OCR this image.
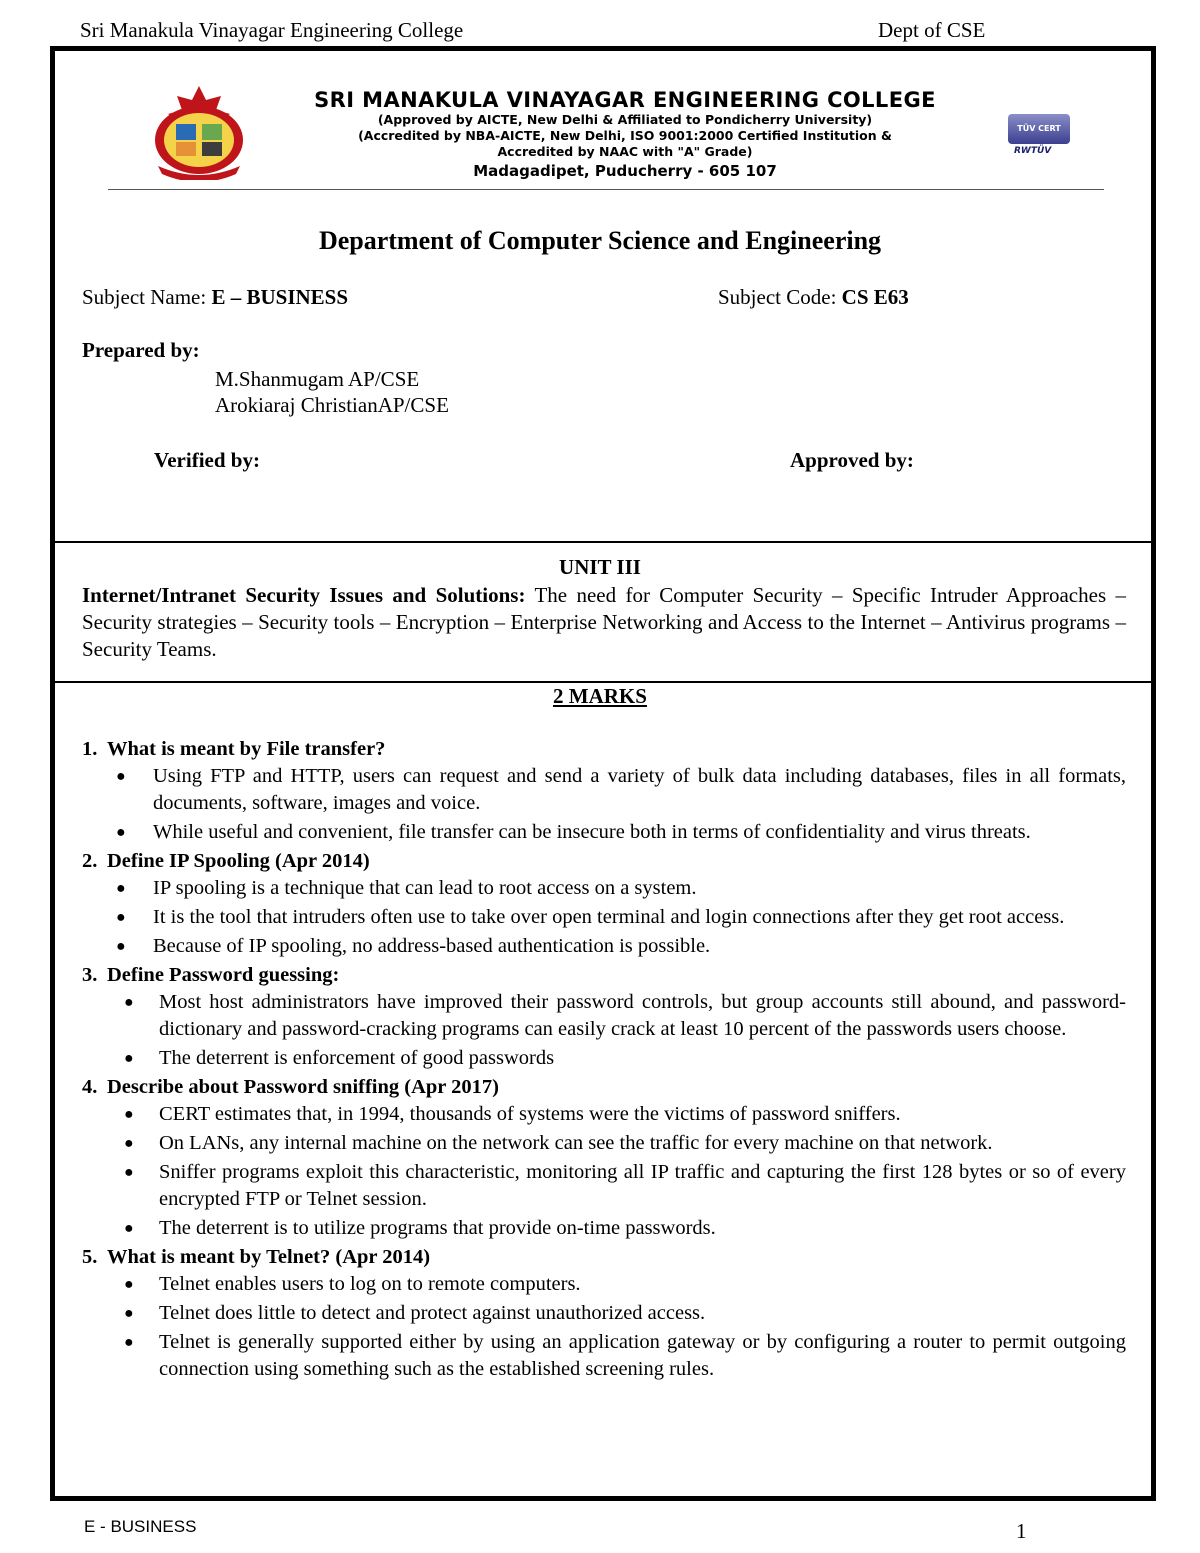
Sri Manakula Vinayagar Engineering College	Dept of CSE
SRI MANAKULA VINAYAGAR ENGINEERING COLLEGE
(Approved by AICTE, New Delhi & Affiliated to Pondicherry University)
(Accredited by NBA-AICTE, New Delhi, ISO 9001:2000 Certified Institution &
Accredited by NAAC with "A" Grade)
Madagadipet, Puducherry - 605 107
TÜV CERT
RWTÜV
Department of Computer Science and Engineering
Subject Name: E – BUSINESS	Subject Code: CS E63
Prepared by:
M.Shanmugam AP/CSE
Arokiaraj ChristianAP/CSE
Verified by:	Approved by:
UNIT III
Internet/Intranet Security Issues and Solutions: The need for Computer Security – Specific Intruder Approaches – Security strategies – Security tools – Encryption – Enterprise Networking and Access to the Internet – Antivirus programs – Security Teams.
2 MARKS
1. What is meant by File transfer?
● Using FTP and HTTP, users can request and send a variety of bulk data including databases, files in all formats, documents, software, images and voice.
● While useful and convenient, file transfer can be insecure both in terms of confidentiality and virus threats.
2. Define IP Spooling (Apr 2014)
● IP spooling is a technique that can lead to root access on a system.
● It is the tool that intruders often use to take over open terminal and login connections after they get root access.
● Because of IP spooling, no address-based authentication is possible.
3. Define Password guessing:
● Most host administrators have improved their password controls, but group accounts still abound, and password-dictionary and password-cracking programs can easily crack at least 10 percent of the passwords users choose.
● The deterrent is enforcement of good passwords
4. Describe about Password sniffing (Apr 2017)
● CERT estimates that, in 1994, thousands of systems were the victims of password sniffers.
● On LANs, any internal machine on the network can see the traffic for every machine on that network.
● Sniffer programs exploit this characteristic, monitoring all IP traffic and capturing the first 128 bytes or so of every encrypted FTP or Telnet session.
● The deterrent is to utilize programs that provide on-time passwords.
5. What is meant by Telnet? (Apr 2014)
● Telnet enables users to log on to remote computers.
● Telnet does little to detect and protect against unauthorized access.
● Telnet is generally supported either by using an application gateway or by configuring a router to permit outgoing connection using something such as the established screening rules.
E - BUSINESS	1
